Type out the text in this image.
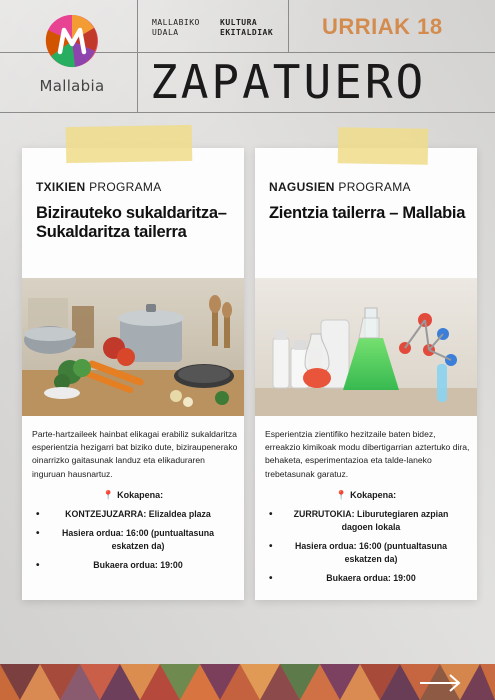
Mallabia
MALLABIKO
UDALA
KULTURA
EKITALDIAK URRIAK 18
ZAPATUERO
TXIKIEN PROGRAMA
Bizirauteko sukaldaritza– Sukaldaritza tailerra
Parte-hartzaileek hainbat elikagai erabiliz sukaldaritza esperientzia hezigarri bat biziko dute, biziraupenerako oinarrizko gaitasunak landuz eta elikaduraren inguruan hausnartuz.
📍 Kokapena:
• KONTZEJUZARRA: Elizaldea plaza
• Hasiera ordua: 16:00 (puntualtasuna eskatzen da)
• Bukaera ordua: 19:00
NAGUSIEN PROGRAMA
Zientzia tailerra – Mallabia
Esperientzia zientifiko hezitzaile baten bidez, erreakzio kimikoak modu dibertigarrian aztertuko dira, behaketa, esperimentazioa eta talde-laneko trebetasunak garatuz.
📍 Kokapena:
• ZURRUTOKIA: Liburutegiaren azpian dagoen lokala
• Hasiera ordua: 16:00 (puntualtasuna eskatzen da)
• Bukaera ordua: 19:00
